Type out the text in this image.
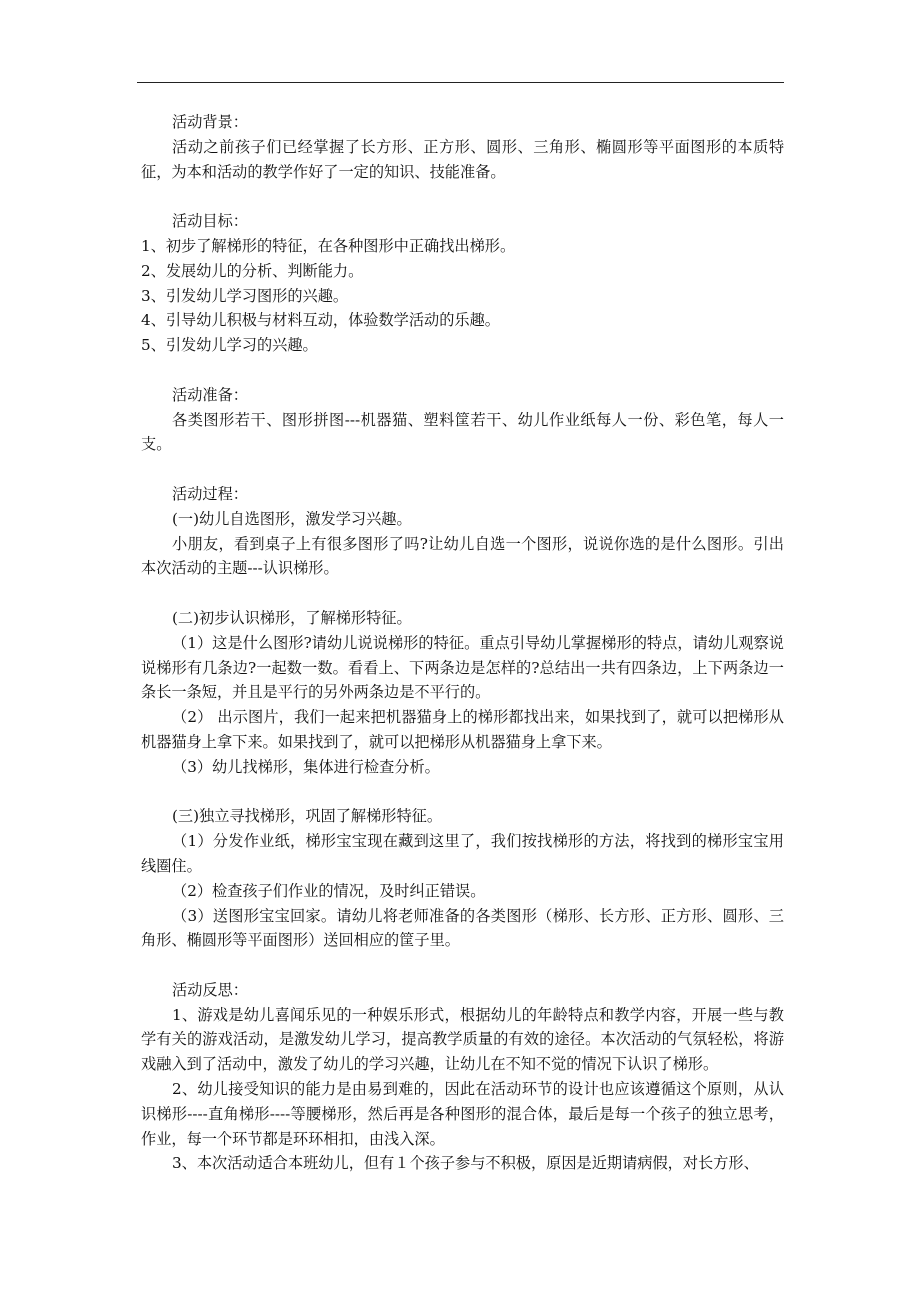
活动背景：

活动之前孩子们已经掌握了长方形、正方形、圆形、三角形、椭圆形等平面图形的本质特征，为本和活动的教学作好了一定的知识、技能准备。

活动目标：

1、初步了解梯形的特征，在各种图形中正确找出梯形。

2、发展幼儿的分析、判断能力。

3、引发幼儿学习图形的兴趣。

4、引导幼儿积极与材料互动，体验数学活动的乐趣。

5、引发幼儿学习的兴趣。

活动准备：

各类图形若干、图形拼图---机器猫、塑料筐若干、幼儿作业纸每人一份、彩色笔，每人一支。

活动过程：

(一)幼儿自选图形，激发学习兴趣。

小朋友，看到桌子上有很多图形了吗?让幼儿自选一个图形，说说你选的是什么图形。引出本次活动的主题---认识梯形。

(二)初步认识梯形，了解梯形特征。

（1）这是什么图形?请幼儿说说梯形的特征。重点引导幼儿掌握梯形的特点，请幼儿观察说说梯形有几条边?一起数一数。看看上、下两条边是怎样的?总结出一共有四条边，上下两条边一条长一条短，并且是平行的另外两条边是不平行的。

（2） 出示图片，我们一起来把机器猫身上的梯形都找出来，如果找到了，就可以把梯形从机器猫身上拿下来。如果找到了，就可以把梯形从机器猫身上拿下来。

（3）幼儿找梯形，集体进行检查分析。

(三)独立寻找梯形，巩固了解梯形特征。

（1）分发作业纸，梯形宝宝现在藏到这里了，我们按找梯形的方法，将找到的梯形宝宝用线圈住。

（2）检查孩子们作业的情况，及时纠正错误。

（3）送图形宝宝回家。请幼儿将老师准备的各类图形（梯形、长方形、正方形、圆形、三角形、椭圆形等平面图形）送回相应的筐子里。

活动反思：

1、游戏是幼儿喜闻乐见的一种娱乐形式，根据幼儿的年龄特点和教学内容，开展一些与教学有关的游戏活动，是激发幼儿学习，提高教学质量的有效的途径。本次活动的气氛轻松，将游戏融入到了活动中，激发了幼儿的学习兴趣，让幼儿在不知不觉的情况下认识了梯形。

2、幼儿接受知识的能力是由易到难的，因此在活动环节的设计也应该遵循这个原则，从认识梯形----直角梯形----等腰梯形，然后再是各种图形的混合体，最后是每一个孩子的独立思考，作业，每一个环节都是环环相扣，由浅入深。

3、本次活动适合本班幼儿，但有１个孩子参与不积极，原因是近期请病假，对长方形、
